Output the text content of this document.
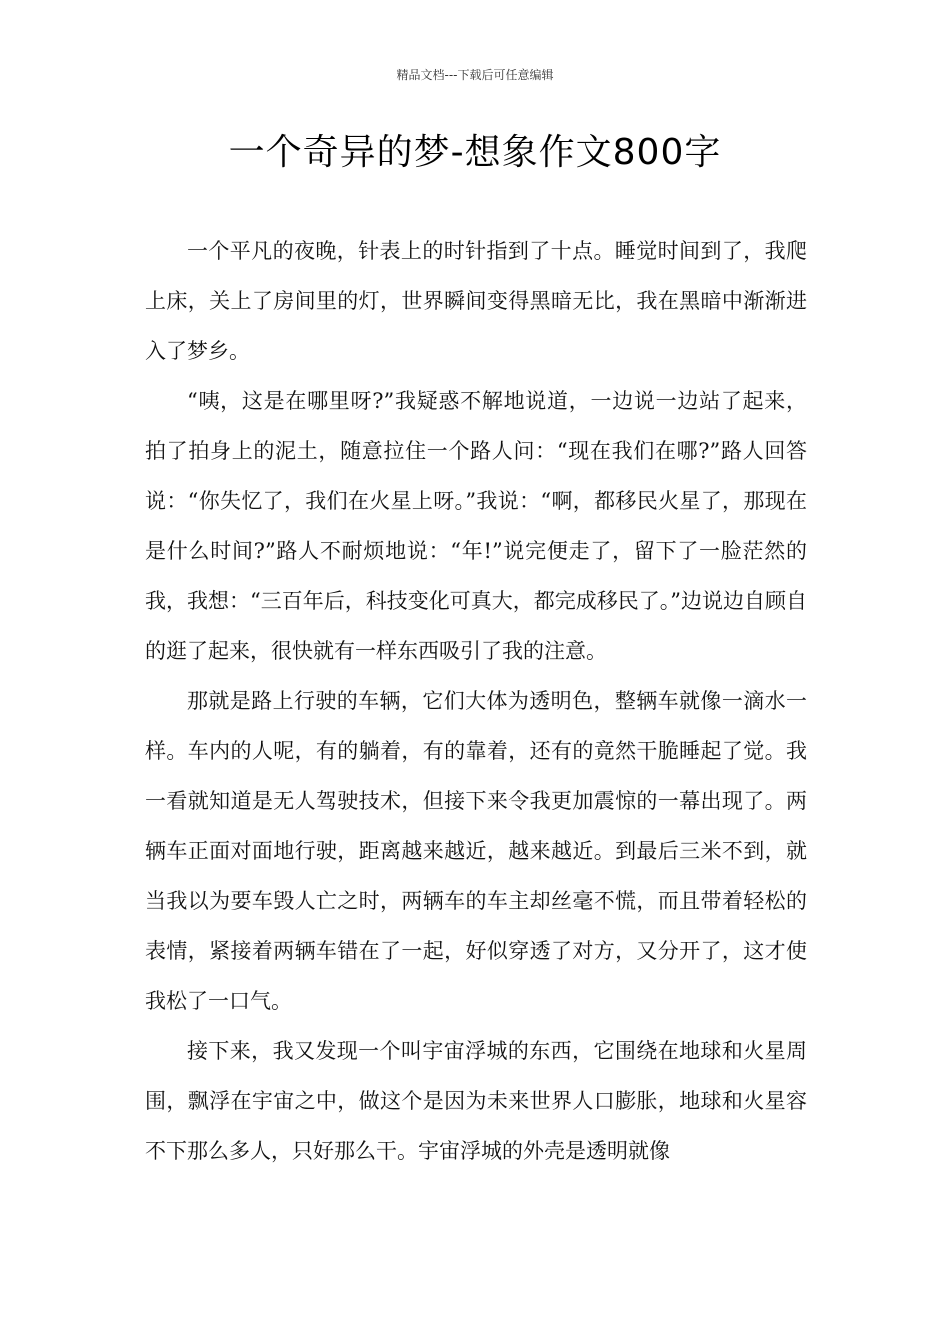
精品文档---下载后可任意编辑
一个奇异的梦-想象作文800字

一个平凡的夜晚，针表上的时针指到了十点。睡觉时间到了，我爬上床，关上了房间里的灯，世界瞬间变得黑暗无比，我在黑暗中渐渐进入了梦乡。

“咦，这是在哪里呀?”我疑惑不解地说道，一边说一边站了起来，拍了拍身上的泥土，随意拉住一个路人问：“现在我们在哪?”路人回答说：“你失忆了，我们在火星上呀。”我说：“啊，都移民火星了，那现在是什么时间?”路人不耐烦地说：“年!”说完便走了，留下了一脸茫然的我，我想：“三百年后，科技变化可真大，都完成移民了。”边说边自顾自的逛了起来，很快就有一样东西吸引了我的注意。

那就是路上行驶的车辆，它们大体为透明色，整辆车就像一滴水一样。车内的人呢，有的躺着，有的靠着，还有的竟然干脆睡起了觉。我一看就知道是无人驾驶技术，但接下来令我更加震惊的一幕出现了。两辆车正面对面地行驶，距离越来越近，越来越近。到最后三米不到，就当我以为要车毁人亡之时，两辆车的车主却丝毫不慌，而且带着轻松的表情，紧接着两辆车错在了一起，好似穿透了对方，又分开了，这才使我松了一口气。

接下来，我又发现一个叫宇宙浮城的东西，它围绕在地球和火星周围，飘浮在宇宙之中，做这个是因为未来世界人口膨胀，地球和火星容不下那么多人，只好那么干。宇宙浮城的外壳是透明就像
